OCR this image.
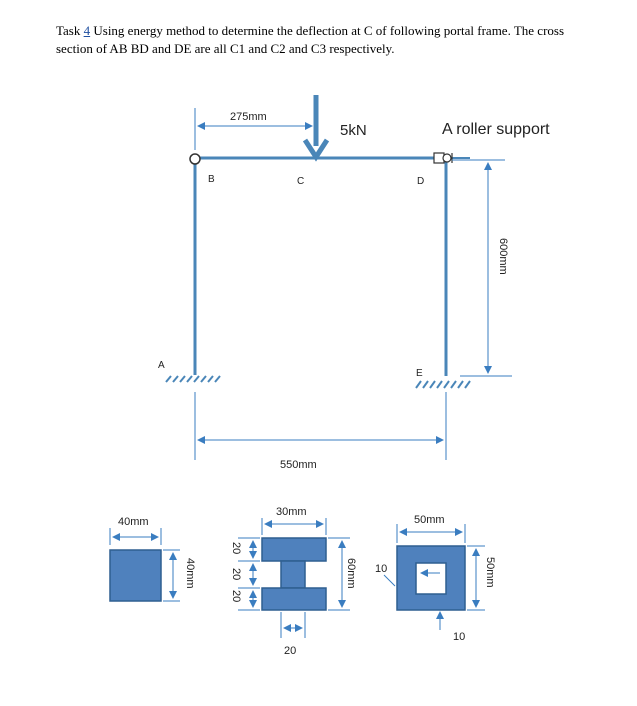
Task 4 Using energy method to determine the deflection at C of following portal frame. The cross section of AB BD and DE are all C1 and C2 and C3 respectively.
275mm
5kN	A roller support
B	C	D
A
E
600mm
550mm
40mm
40mm
30mm
20
20
20
60mm
20
50mm
10
10
50mm
